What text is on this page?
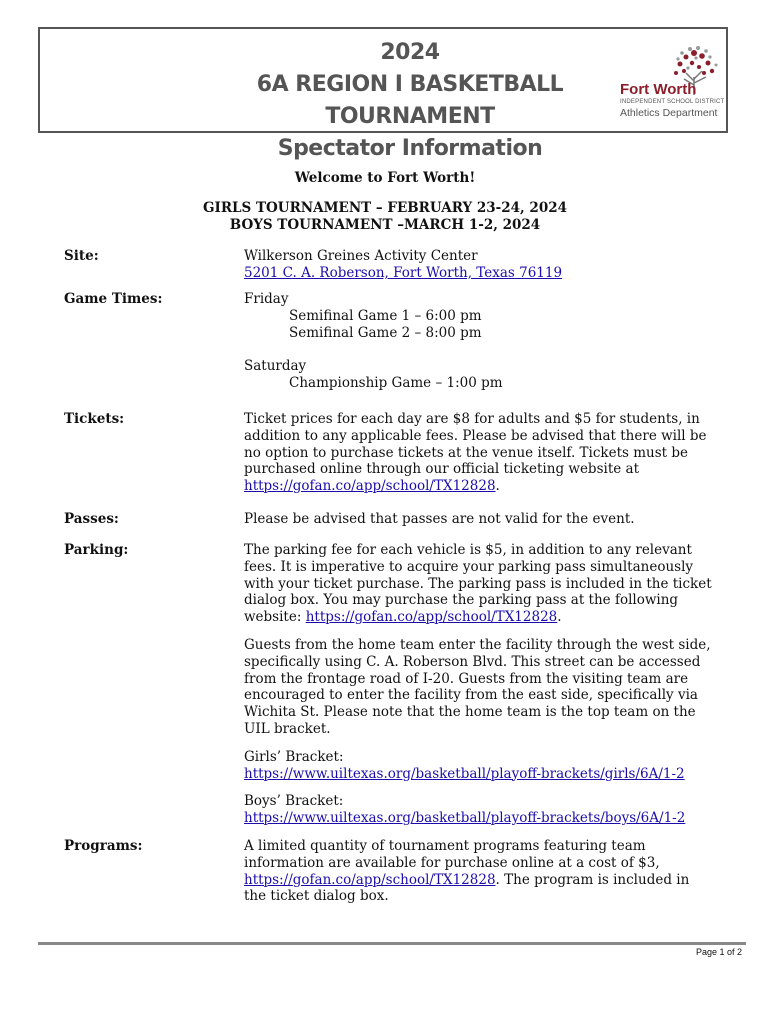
2024
6A REGION I BASKETBALL TOURNAMENT
Spectator Information
Fort Worth
INDEPENDENT SCHOOL DISTRICT
Athletics Department
Welcome to Fort Worth!
GIRLS TOURNAMENT – FEBRUARY 23-24, 2024
BOYS TOURNAMENT –MARCH 1-2, 2024
Site:	Wilkerson Greines Activity Center

5201 C. A. Roberson, Fort Worth, Texas 76119

Game Times:	Friday

Semifinal Game 1 – 6:00 pm

Semifinal Game 2 – 8:00 pm

Saturday

Championship Game – 1:00 pm

Tickets:	Ticket prices for each day are $8 for adults and $5 for students, in addition to any applicable fees. Please be advised that there will be no option to purchase tickets at the venue itself. Tickets must be purchased online through our official ticketing website at https://gofan.co/app/school/TX12828.

Passes:	Please be advised that passes are not valid for the event.

Parking:	The parking fee for each vehicle is $5, in addition to any relevant fees. It is imperative to acquire your parking pass simultaneously with your ticket purchase. The parking pass is included in the ticket dialog box. You may purchase the parking pass at the following website: https://gofan.co/app/school/TX12828.

Guests from the home team enter the facility through the west side, specifically using C. A. Roberson Blvd. This street can be accessed from the frontage road of I-20. Guests from the visiting team are encouraged to enter the facility from the east side, specifically via Wichita St. Please note that the home team is the top team on the UIL bracket.

Girls’ Bracket:

https://www.uiltexas.org/basketball/playoff-brackets/girls/6A/1-2

Boys’ Bracket:

https://www.uiltexas.org/basketball/playoff-brackets/boys/6A/1-2

Programs:	A limited quantity of tournament programs featuring team information are available for purchase online at a cost of $3, https://gofan.co/app/school/TX12828. The program is included in the ticket dialog box.

Page 1 of 2
